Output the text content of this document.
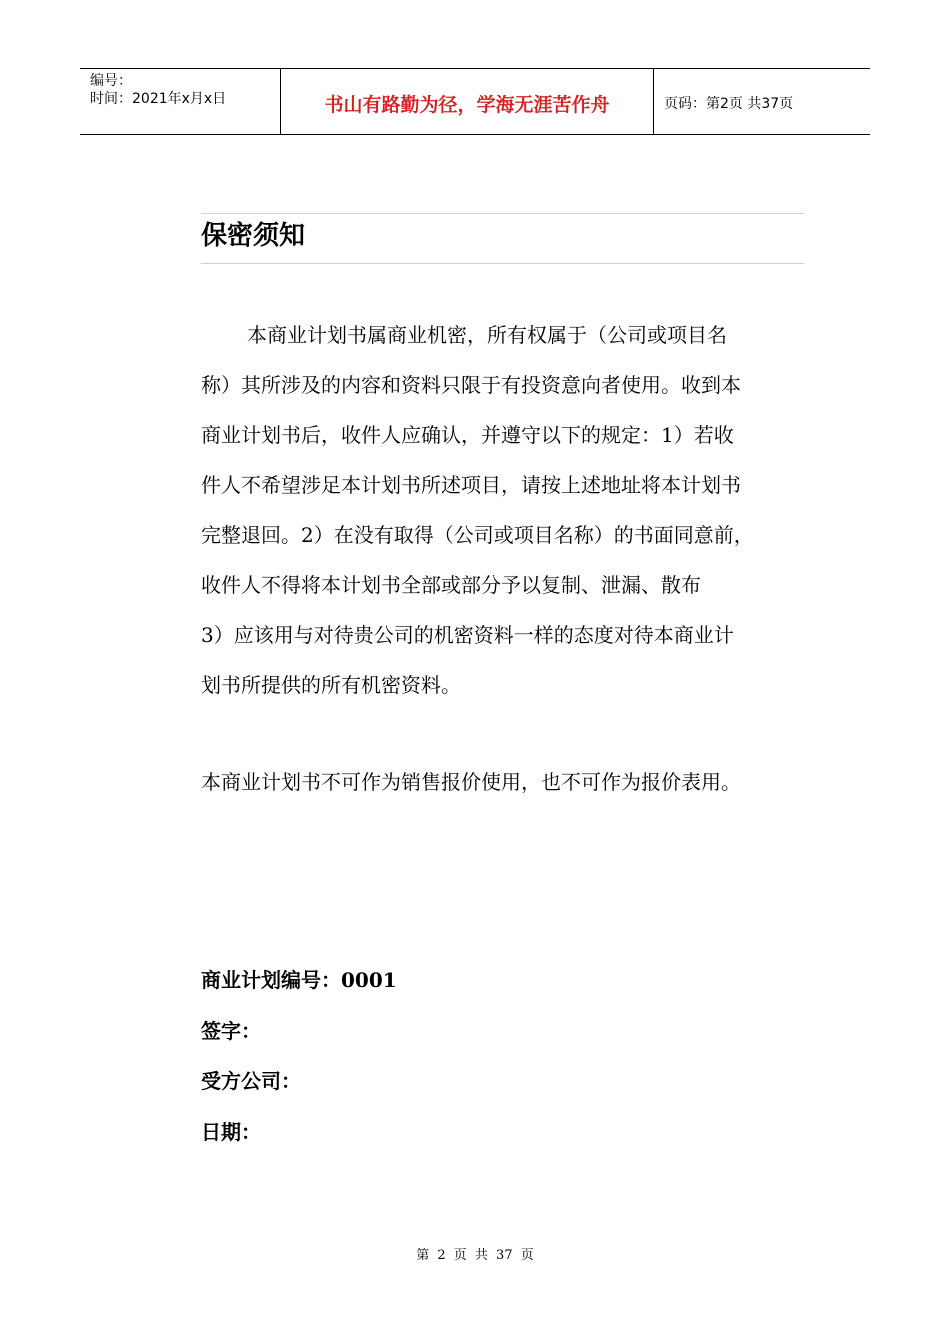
编号：
时间：2021年x月x日	书山有路勤为径，学海无涯苦作舟	页码：第2页 共37页
保密须知
本商业计划书属商业机密，所有权属于（公司或项目名
称）其所涉及的内容和资料只限于有投资意向者使用。收到本
商业计划书后，收件人应确认，并遵守以下的规定：1）若收
件人不希望涉足本计划书所述项目，请按上述地址将本计划书
完整退回。2）在没有取得（公司或项目名称）的书面同意前，
收件人不得将本计划书全部或部分予以复制、泄漏、散布
3）应该用与对待贵公司的机密资料一样的态度对待本商业计
划书所提供的所有机密资料。
本商业计划书不可作为销售报价使用，也不可作为报价表用。
商业计划编号：0001
签字：
受方公司：
日期：
第 2 页 共 37 页
